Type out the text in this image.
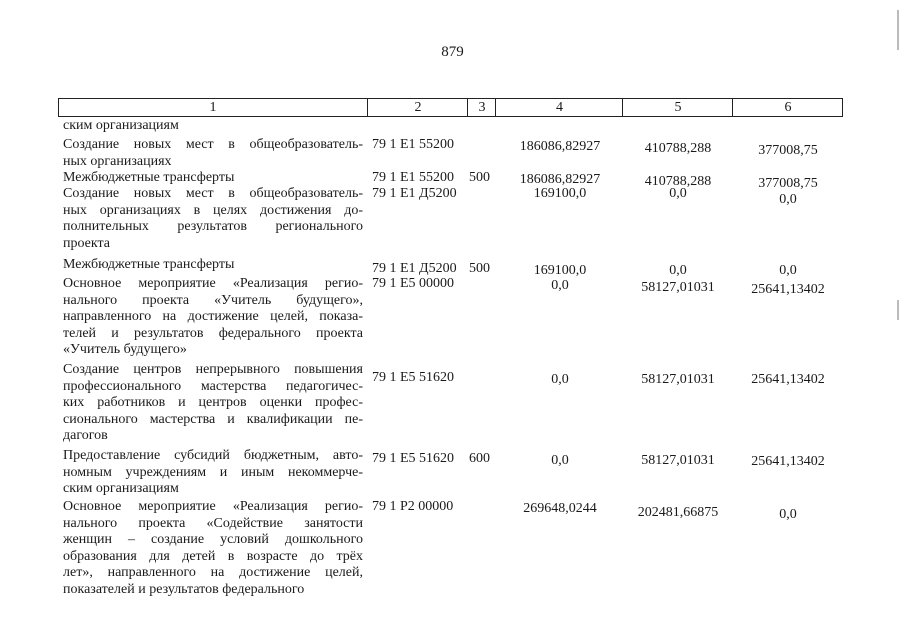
879
1	2	3	4	5	6
ским организациям
Создание новых мест в общеобразователь-
ных организациях
79 1 E1 55200	186086,82927	410788,288	377008,75
Межбюджетные трансферты	79 1 E1 55200 500	186086,82927	410788,288	377008,75
Создание новых мест в общеобразователь-
ных организациях в целях достижения до-
полнительных результатов регионального
проекта
79 1 E1 Д5200	169100,0	0,0	0,0
Межбюджетные трансферты	79 1 E1 Д5200 500	169100,0	0,0	0,0
Основное мероприятие «Реализация регио-
нального проекта «Учитель будущего»,
направленного на достижение целей, показа-
телей и результатов федерального проекта
«Учитель будущего»
79 1 E5 00000	0,0	58127,01031	25641,13402
Создание центров непрерывного повышения
профессионального мастерства педагогичес-
ких работников и центров оценки профес-
сионального мастерства и квалификации пе-
дагогов
79 1 E5 51620	0,0	58127,01031	25641,13402
Предоставление субсидий бюджетным, авто-
номным учреждениям и иным некоммерче-
ским организациям
79 1 E5 51620 600	0,0	58127,01031	25641,13402
Основное мероприятие «Реализация регио-
нального проекта «Содействие занятости
женщин – создание условий дошкольного
образования для детей в возрасте до трёх
лет», направленного на достижение целей,
показателей и результатов федерального
79 1 P2 00000	269648,0244	202481,66875	0,0
